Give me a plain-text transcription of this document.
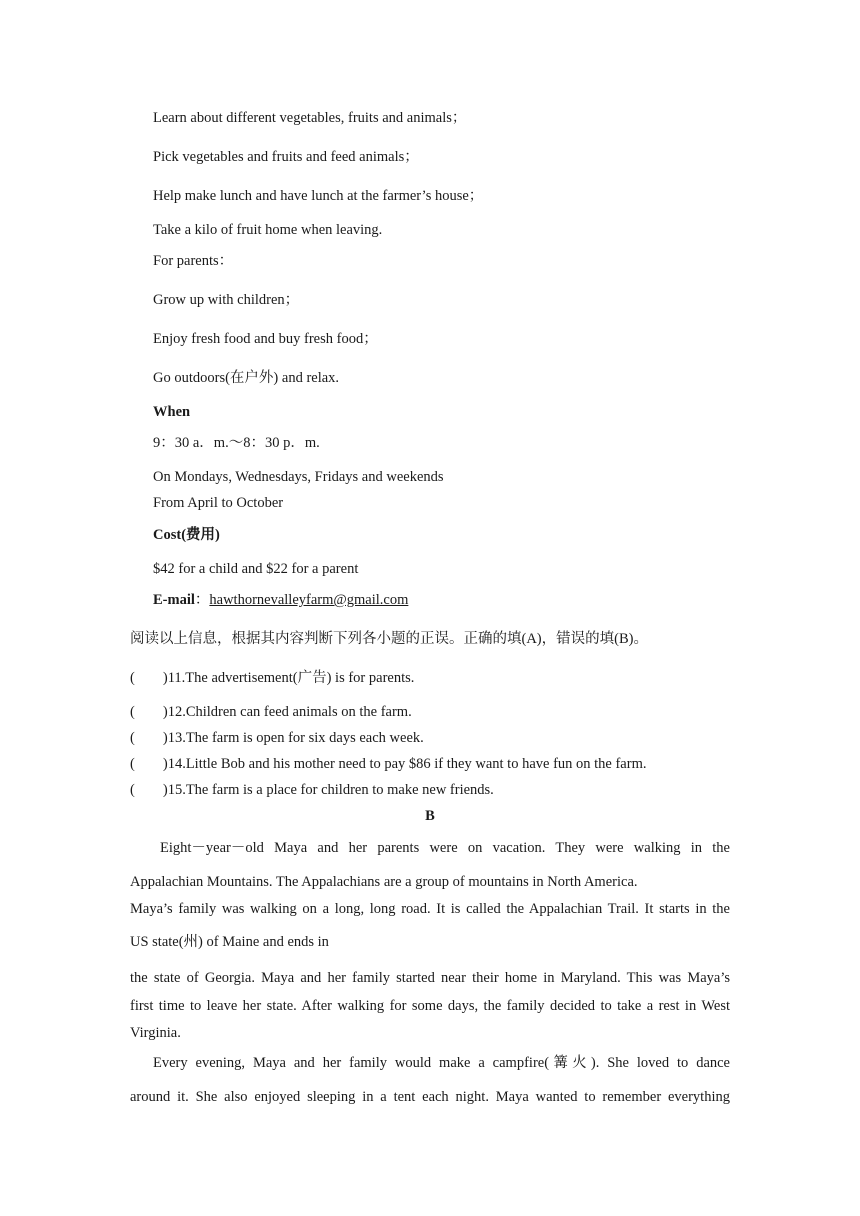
Learn about different vegetables, fruits and animals；
Pick vegetables and fruits and feed animals；
Help make lunch and have lunch at the farmer’s house；
Take a kilo of fruit home when leaving.
For parents：
Grow up with children；
Enjoy fresh food and buy fresh food；
Go outdoors(在户外) and relax.
When
9：30 a．m.～8：30 p．m.
On Mondays, Wednesdays, Fridays and weekends
From April to October
Cost(费用)
$42 for a child and $22 for a parent
E-mail：hawthornevalleyfarm@gmail.com
阅读以上信息，根据其内容判断下列各小题的正误。正确的填(A)，错误的填(B)。
( )11.The advertisement(广告) is for parents.
( )12.Children can feed animals on the farm.
( )13.The farm is open for six days each week.
( )14.Little Bob and his mother need to pay $86 if they want to have fun on the farm.
( )15.The farm is a place for children to make new friends.
B
Eight－year－old Maya and her parents were on vacation. They were walking in the
Appalachian Mountains. The Appalachians are a group of mountains in North America.
Maya’s family was walking on a long, long road. It is called the Appalachian Trail. It starts in the
US state(州) of Maine and ends in
the state of Georgia. Maya and her family started near their home in Maryland. This was Maya’s
first time to leave her state. After walking for some days, the family decided to take a rest in West
Virginia.
Every evening, Maya and her family would make a campfire(篝火). She loved to dance
around it. She also enjoyed sleeping in a tent each night. Maya wanted to remember everything
